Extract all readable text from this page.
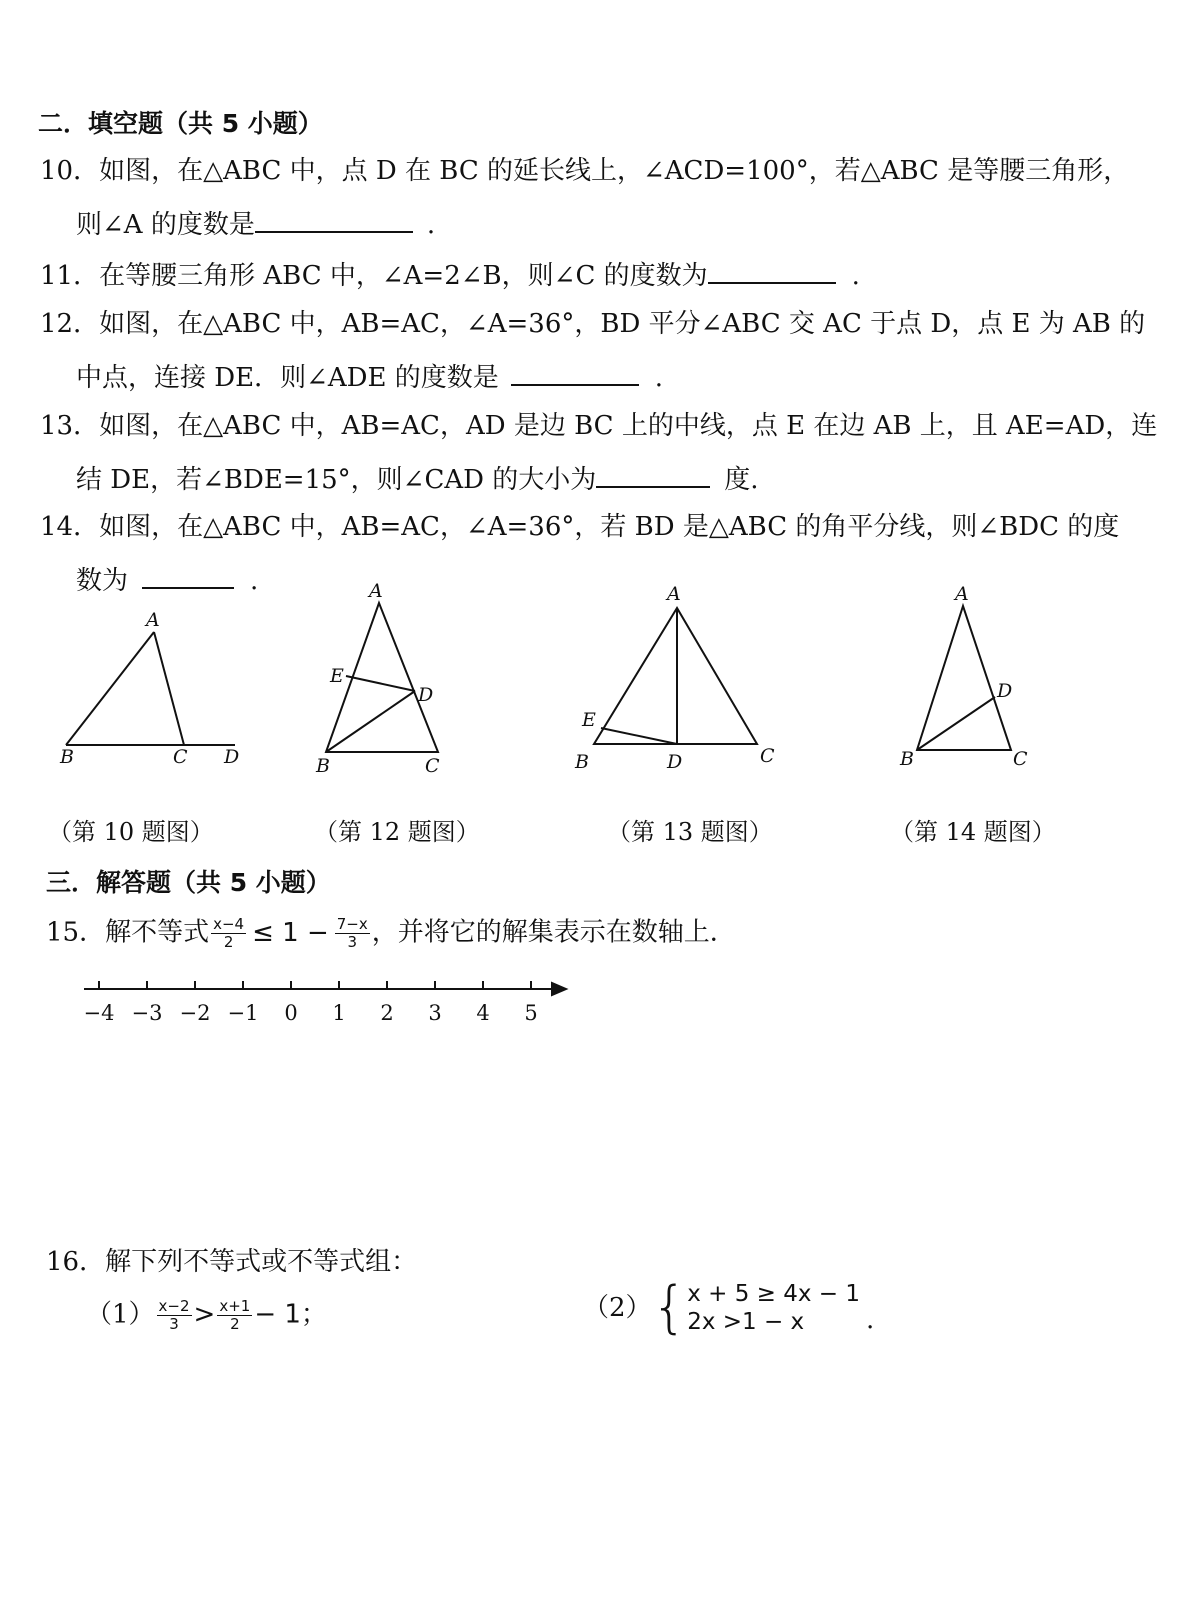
二．填空题（共 5 小题）
10．如图，在△ABC 中，点 D 在 BC 的延长线上，∠ACD=100°，若△ABC 是等腰三角形，
则∠A 的度数是	.
11．在等腰三角形 ABC 中，∠A=2∠B，则∠C 的度数为	.
12．如图，在△ABC 中，AB=AC，∠A=36°，BD 平分∠ABC 交 AC 于点 D，点 E 为 AB 的
中点，连接 DE．则∠ADE 的度数是	.
13．如图，在△ABC 中，AB=AC，AD 是边 BC 上的中线，点 E 在边 AB 上，且 AE=AD，连
结 DE，若∠BDE=15°，则∠CAD 的大小为	度.
14．如图，在△ABC 中，AB=AC，∠A=36°，若 BD 是△ABC 的角平分线，则∠BDC 的度
数为	.
A
B	C D
A
E
D
B	C
A
E
B	D	C
A
D
B	C
（第 10 题图）	（第 12 题图）	（第 13 题图）	（第 14 题图）
三．解答题（共 5 小题）
15．解不等式 $\frac{x-4}{2} \le 1 - \frac{7-x}{3}$ ，并将它的解集表示在数轴上．
−4 −3 −2 −1 0 1 2 3 4 5
16．解下列不等式或不等式组：
$(1) \frac{x-2}{3} > \frac{x+1}{2} - 1$；	（2） { x + 5 ≥ 4x − 1
2x >1 − x	.
